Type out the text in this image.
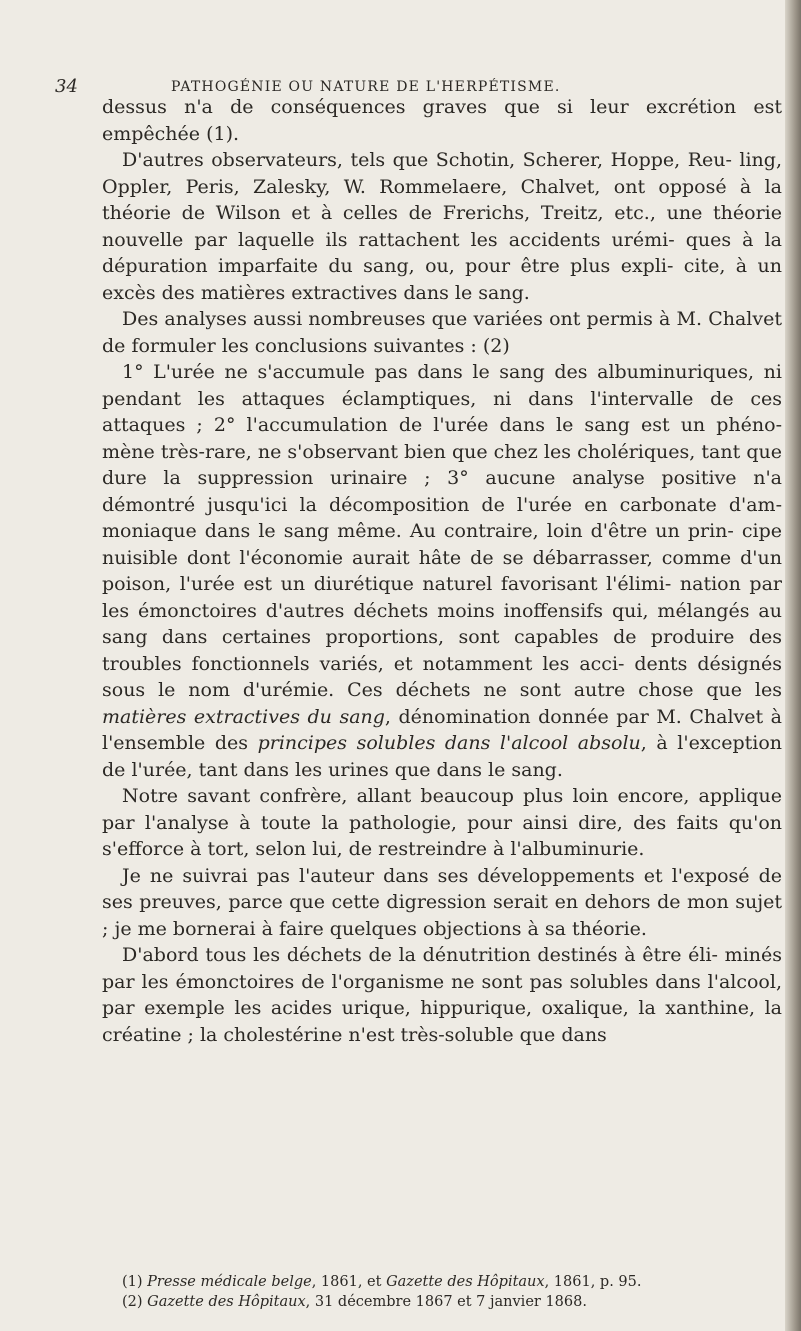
34	PATHOGÉNIE OU NATURE DE L'HERPÉTISME.

dessus n'a de conséquences graves que si leur excrétion est empêchée (1).

D'autres observateurs, tels que Schotin, Scherer, Hoppe, Reu- ling, Oppler, Peris, Zalesky, W. Rommelaere, Chalvet, ont opposé à la théorie de Wilson et à celles de Frerichs, Treitz, etc., une théorie nouvelle par laquelle ils rattachent les accidents urémi- ques à la dépuration imparfaite du sang, ou, pour être plus expli- cite, à un excès des matières extractives dans le sang.

Des analyses aussi nombreuses que variées ont permis à M. Chalvet de formuler les conclusions suivantes : (2)

1° L'urée ne s'accumule pas dans le sang des albuminuriques, ni pendant les attaques éclamptiques, ni dans l'intervalle de ces attaques ; 2° l'accumulation de l'urée dans le sang est un phéno- mène très-rare, ne s'observant bien que chez les cholériques, tant que dure la suppression urinaire ; 3° aucune analyse positive n'a démontré jusqu'ici la décomposition de l'urée en carbonate d'am- moniaque dans le sang même. Au contraire, loin d'être un prin- cipe nuisible dont l'économie aurait hâte de se débarrasser, comme d'un poison, l'urée est un diurétique naturel favorisant l'élimi- nation par les émonctoires d'autres déchets moins inoffensifs qui, mélangés au sang dans certaines proportions, sont capables de produire des troubles fonctionnels variés, et notamment les acci- dents désignés sous le nom d'urémie. Ces déchets ne sont autre chose que les matières extractives du sang, dénomination donnée par M. Chalvet à l'ensemble des principes solubles dans l'alcool absolu, à l'exception de l'urée, tant dans les urines que dans le sang.

Notre savant confrère, allant beaucoup plus loin encore, applique par l'analyse à toute la pathologie, pour ainsi dire, des faits qu'on s'efforce à tort, selon lui, de restreindre à l'albuminurie.

Je ne suivrai pas l'auteur dans ses développements et l'exposé de ses preuves, parce que cette digression serait en dehors de mon sujet ; je me bornerai à faire quelques objections à sa théorie.

D'abord tous les déchets de la dénutrition destinés à être éli- minés par les émonctoires de l'organisme ne sont pas solubles dans l'alcool, par exemple les acides urique, hippurique, oxalique, la xanthine, la créatine ; la cholestérine n'est très-soluble que dans

(1) Presse médicale belge, 1861, et Gazette des Hôpitaux, 1861, p. 95.

(2) Gazette des Hôpitaux, 31 décembre 1867 et 7 janvier 1868.
